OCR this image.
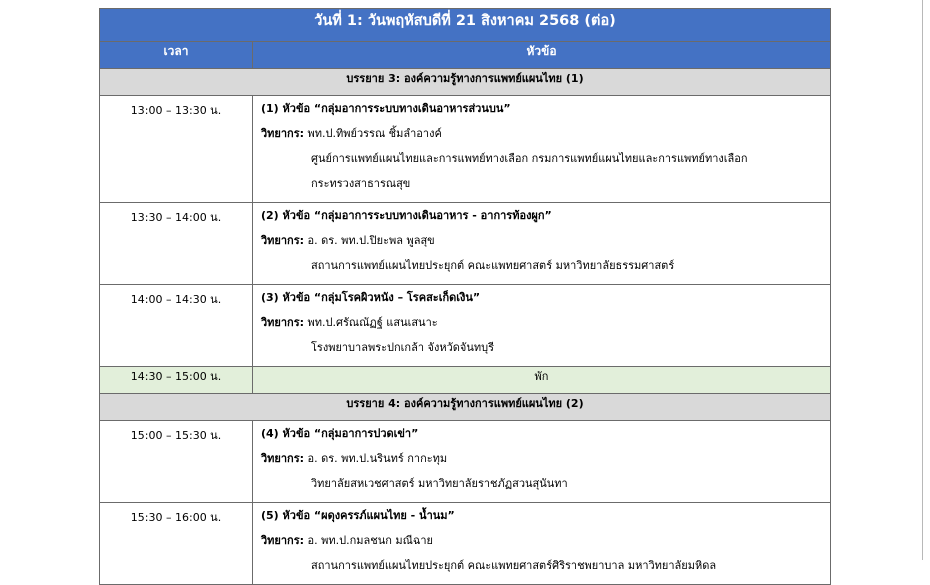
วันที่ 1: วันพฤหัสบดีที่ 21 สิงหาคม 2568 (ต่อ)	
เวลา	หัวข้อ
บรรยาย 3: องค์ความรู้ทางการแพทย์แผนไทย (1)	
13:00 – 13:30 น.	(1) หัวข้อ “กลุ่มอาการระบบทางเดินอาหารส่วนบน”
วิทยากร: พท.ป.ทิพย์วรรณ ชิ้มลำอางค์
ศูนย์การแพทย์แผนไทยและการแพทย์ทางเลือก กรมการแพทย์แผนไทยและการแพทย์ทางเลือก
กระทรวงสาธารณสุข

13:30 – 14:00 น.	(2) หัวข้อ “กลุ่มอาการระบบทางเดินอาหาร - อาการท้องผูก”
วิทยากร: อ. ดร. พท.ป.ปิยะพล พูลสุข
สถานการแพทย์แผนไทยประยุกต์ คณะแพทยศาสตร์ มหาวิทยาลัยธรรมศาสตร์

14:00 – 14:30 น.	(3) หัวข้อ “กลุ่มโรคผิวหนัง – โรคสะเก็ดเงิน”
วิทยากร: พท.ป.ศรัณณัฏฐ์ แสนเสนาะ
โรงพยาบาลพระปกเกล้า จังหวัดจันทบุรี

14:30 – 15:00 น.	พัก
บรรยาย 4: องค์ความรู้ทางการแพทย์แผนไทย (2)	
15:00 – 15:30 น.	(4) หัวข้อ “กลุ่มอาการปวดเข่า”
วิทยากร: อ. ดร. พท.ป.นรินทร์ กากะทุม
วิทยาลัยสหเวชศาสตร์ มหาวิทยาลัยราชภัฏสวนสุนันทา

15:30 – 16:00 น.	(5) หัวข้อ “ผดุงครรภ์แผนไทย - น้ำนม”
วิทยากร: อ. พท.ป.กมลชนก มณีฉาย
สถานการแพทย์แผนไทยประยุกต์ คณะแพทยศาสตร์ศิริราชพยาบาล มหาวิทยาลัยมหิดล
